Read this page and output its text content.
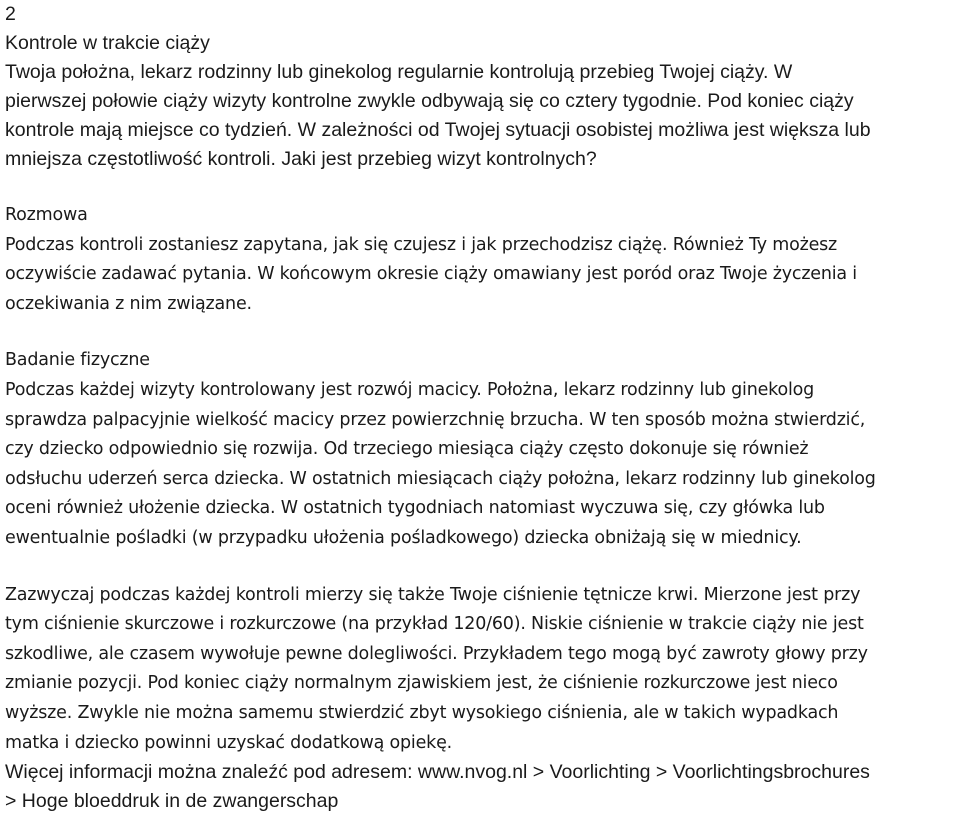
2

Kontrole w trakcie ciąży

Twoja położna, lekarz rodzinny lub ginekolog regularnie kontrolują przebieg Twojej ciąży. W

pierwszej połowie ciąży wizyty kontrolne zwykle odbywają się co cztery tygodnie. Pod koniec ciąży

kontrole mają miejsce co tydzień. W zależności od Twojej sytuacji osobistej możliwa jest większa lub

mniejsza częstotliwość kontroli. Jaki jest przebieg wizyt kontrolnych?

Rozmowa

Podczas kontroli zostaniesz zapytana, jak się czujesz i jak przechodzisz ciążę. Również Ty możesz

oczywiście zadawać pytania. W końcowym okresie ciąży omawiany jest poród oraz Twoje życzenia i

oczekiwania z nim związane.

Badanie fizyczne

Podczas każdej wizyty kontrolowany jest rozwój macicy. Położna, lekarz rodzinny lub ginekolog

sprawdza palpacyjnie wielkość macicy przez powierzchnię brzucha. W ten sposób można stwierdzić,

czy dziecko odpowiednio się rozwija. Od trzeciego miesiąca ciąży często dokonuje się również

odsłuchu uderzeń serca dziecka. W ostatnich miesiącach ciąży położna, lekarz rodzinny lub ginekolog

oceni również ułożenie dziecka. W ostatnich tygodniach natomiast wyczuwa się, czy główka lub

ewentualnie pośladki (w przypadku ułożenia pośladkowego) dziecka obniżają się w miednicy.

Zazwyczaj podczas każdej kontroli mierzy się także Twoje ciśnienie tętnicze krwi. Mierzone jest przy

tym ciśnienie skurczowe i rozkurczowe (na przykład 120/60). Niskie ciśnienie w trakcie ciąży nie jest

szkodliwe, ale czasem wywołuje pewne dolegliwości. Przykładem tego mogą być zawroty głowy przy

zmianie pozycji. Pod koniec ciąży normalnym zjawiskiem jest, że ciśnienie rozkurczowe jest nieco

wyższe. Zwykle nie można samemu stwierdzić zbyt wysokiego ciśnienia, ale w takich wypadkach

matka i dziecko powinni uzyskać dodatkową opiekę.

Więcej informacji można znaleźć pod adresem: www.nvog.nl > Voorlichting > Voorlichtingsbrochures

> Hoge bloeddruk in de zwangerschap
